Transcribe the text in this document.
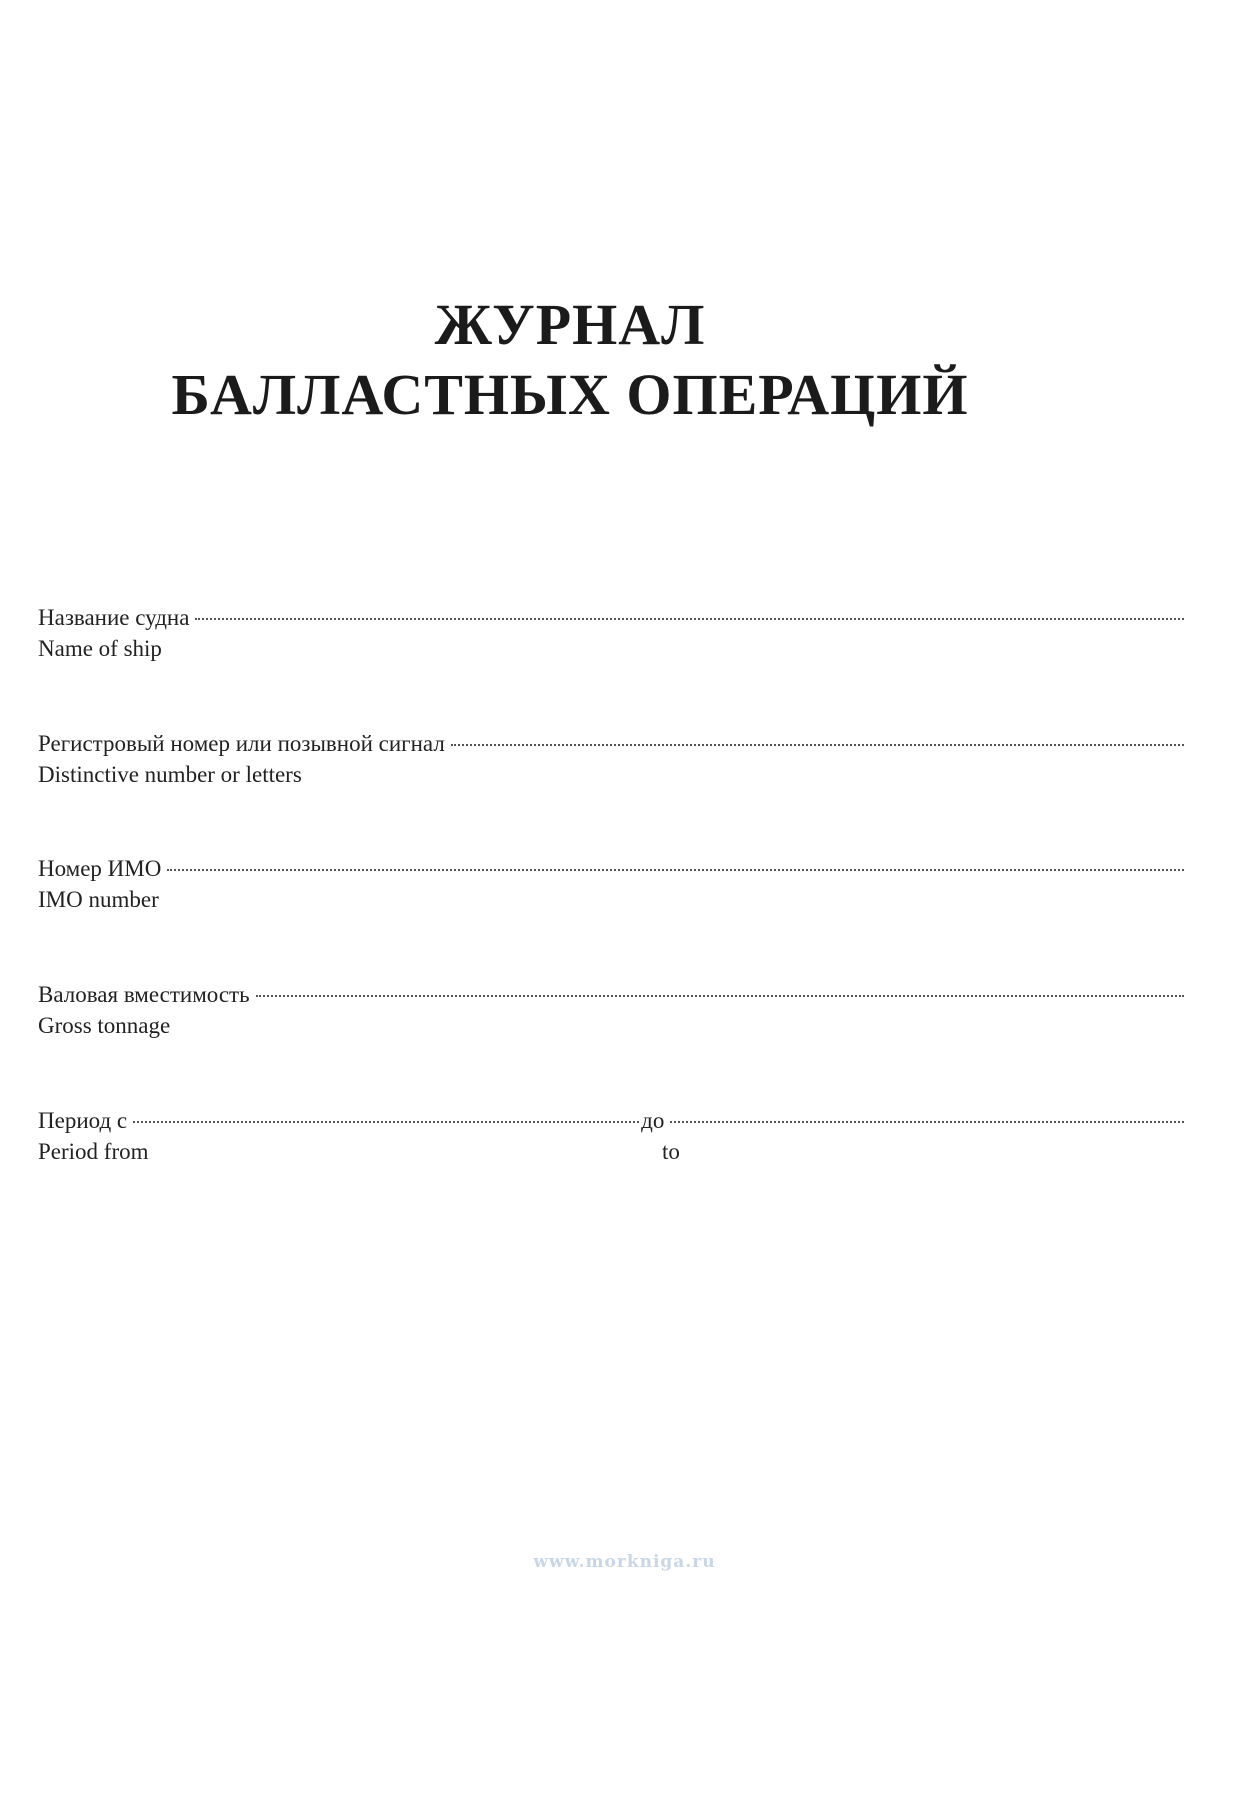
ЖУРНАЛ
БАЛЛАСТНЫХ ОПЕРАЦИЙ
Название судна
Name of ship
Регистровый номер или позывной сигнал
Distinctive number or letters
Номер ИМО
IMO number
Валовая вместимость
Gross tonnage
Период с	до
Period from	to
www.morkniga.ru
